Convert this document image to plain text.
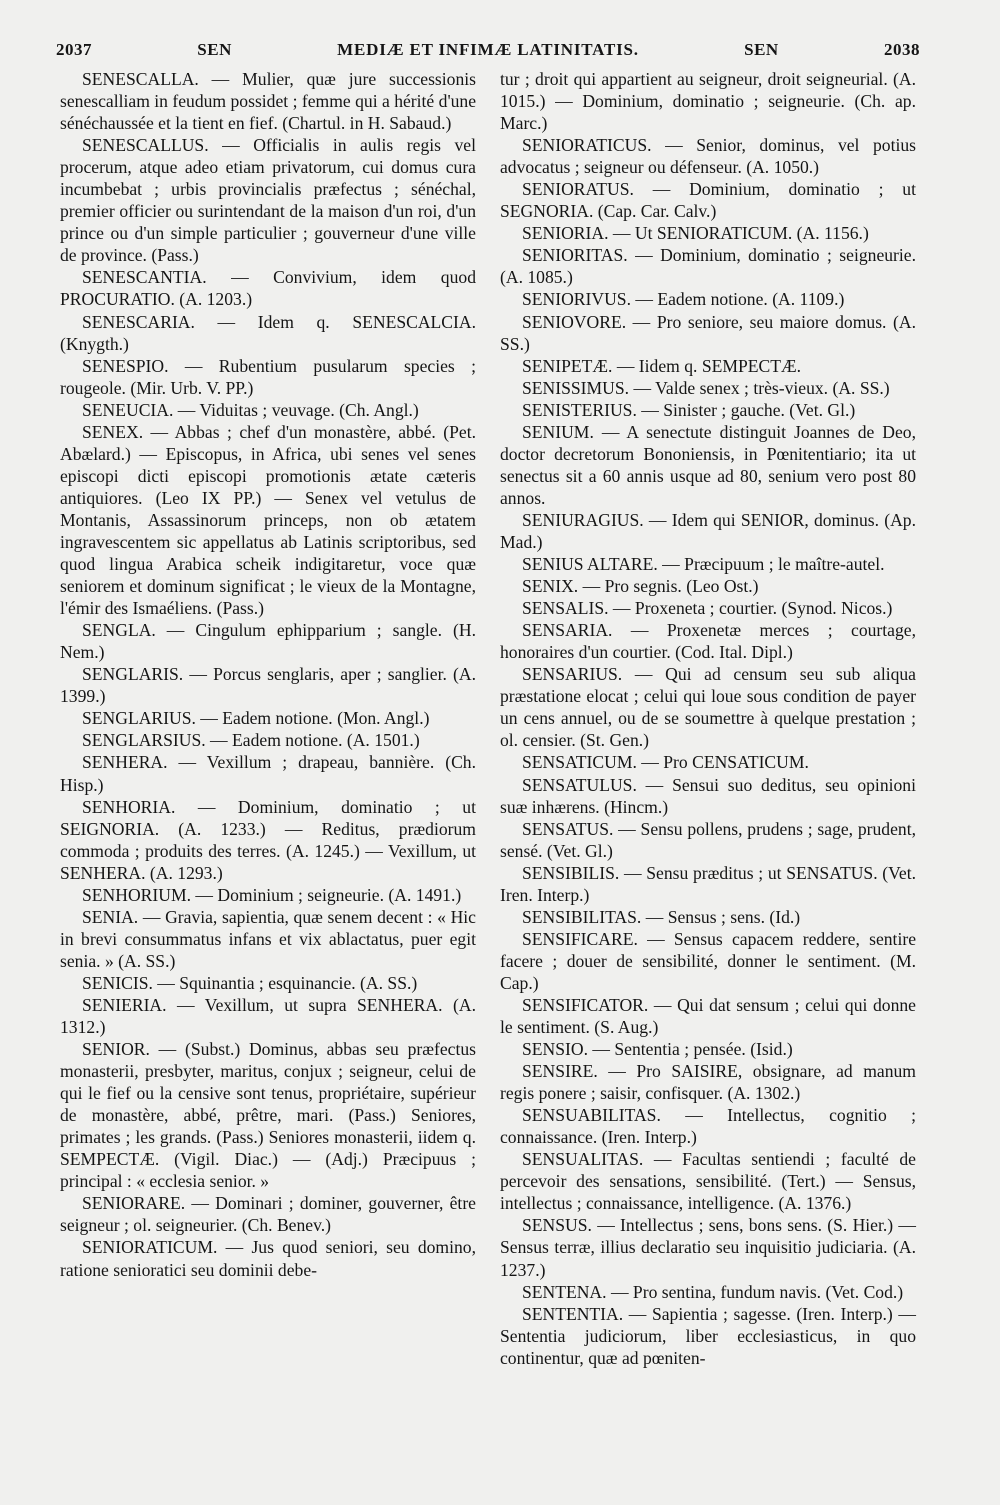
2037	SEN	MEDIÆ ET INFIMÆ LATINITATIS.	SEN	2038

SENESCALLA. — Mulier, quæ jure successionis senescalliam in feudum possidet ; femme qui a hérité d'une sénéchaussée et la tient en fief. (Chartul. in H. Sabaud.)

SENESCALLUS. — Officialis in aulis regis vel procerum, atque adeo etiam privatorum, cui domus cura incumbebat ; urbis provincialis præfectus ; sénéchal, premier officier ou surintendant de la maison d'un roi, d'un prince ou d'un simple particulier ; gouverneur d'une ville de province. (Pass.)

SENESCANTIA. — Convivium, idem quod PROCURATIO. (A. 1203.)

SENESCARIA. — Idem q. SENESCALCIA. (Knygth.)

SENESPIO. — Rubentium pusularum species ; rougeole. (Mir. Urb. V. PP.)

SENEUCIA. — Viduitas ; veuvage. (Ch. Angl.)

SENEX. — Abbas ; chef d'un monastère, abbé. (Pet. Abælard.) — Episcopus, in Africa, ubi senes vel senes episcopi dicti episcopi promotionis ætate cæteris antiquiores. (Leo IX PP.) — Senex vel vetulus de Montanis, Assassinorum princeps, non ob ætatem ingravescentem sic appellatus ab Latinis scriptoribus, sed quod lingua Arabica scheik indigitaretur, voce quæ seniorem et dominum significat ; le vieux de la Montagne, l'émir des Ismaéliens. (Pass.)

SENGLA. — Cingulum ephipparium ; sangle. (H. Nem.)

SENGLARIS. — Porcus senglaris, aper ; sanglier. (A. 1399.)

SENGLARIUS. — Eadem notione. (Mon. Angl.)

SENGLARSIUS. — Eadem notione. (A. 1501.)

SENHERA. — Vexillum ; drapeau, bannière. (Ch. Hisp.)

SENHORIA. — Dominium, dominatio ; ut SEIGNORIA. (A. 1233.) — Reditus, prædiorum commoda ; produits des terres. (A. 1245.) — Vexillum, ut SENHERA. (A. 1293.)

SENHORIUM. — Dominium ; seigneurie. (A. 1491.)

SENIA. — Gravia, sapientia, quæ senem decent : « Hic in brevi consummatus infans et vix ablactatus, puer egit senia. » (A. SS.)

SENICIS. — Squinantia ; esquinancie. (A. SS.)

SENIERIA. — Vexillum, ut supra SENHERA. (A. 1312.)

SENIOR. — (Subst.) Dominus, abbas seu præfectus monasterii, presbyter, maritus, conjux ; seigneur, celui de qui le fief ou la censive sont tenus, propriétaire, supérieur de monastère, abbé, prêtre, mari. (Pass.) Seniores, primates ; les grands. (Pass.) Seniores monasterii, iidem q. SEMPECTÆ. (Vigil. Diac.) — (Adj.) Præcipuus ; principal : « ecclesia senior. »

SENIORARE. — Dominari ; dominer, gouverner, être seigneur ; ol. seigneurier. (Ch. Benev.)

SENIORATICUM. — Jus quod seniori, seu domino, ratione senioratici seu dominii debe-

tur ; droit qui appartient au seigneur, droit seigneurial. (A. 1015.) — Dominium, dominatio ; seigneurie. (Ch. ap. Marc.)

SENIORATICUS. — Senior, dominus, vel potius advocatus ; seigneur ou défenseur. (A. 1050.)

SENIORATUS. — Dominium, dominatio ; ut SEGNORIA. (Cap. Car. Calv.)

SENIORIA. — Ut SENIORATICUM. (A. 1156.)

SENIORITAS. — Dominium, dominatio ; seigneurie. (A. 1085.)

SENIORIVUS. — Eadem notione. (A. 1109.)

SENIOVORE. — Pro seniore, seu maiore domus. (A. SS.)

SENIPETÆ. — Iidem q. SEMPECTÆ.

SENISSIMUS. — Valde senex ; très-vieux. (A. SS.)

SENISTERIUS. — Sinister ; gauche. (Vet. Gl.)

SENIUM. — A senectute distinguit Joannes de Deo, doctor decretorum Bononiensis, in Pœnitentiario; ita ut senectus sit a 60 annis usque ad 80, senium vero post 80 annos.

SENIURAGIUS. — Idem qui SENIOR, dominus. (Ap. Mad.)

SENIUS ALTARE. — Præcipuum ; le maître-autel.

SENIX. — Pro segnis. (Leo Ost.)

SENSALIS. — Proxeneta ; courtier. (Synod. Nicos.)

SENSARIA. — Proxenetæ merces ; courtage, honoraires d'un courtier. (Cod. Ital. Dipl.)

SENSARIUS. — Qui ad censum seu sub aliqua præstatione elocat ; celui qui loue sous condition de payer un cens annuel, ou de se soumettre à quelque prestation ; ol. censier. (St. Gen.)

SENSATICUM. — Pro CENSATICUM.

SENSATULUS. — Sensui suo deditus, seu opinioni suæ inhærens. (Hincm.)

SENSATUS. — Sensu pollens, prudens ; sage, prudent, sensé. (Vet. Gl.)

SENSIBILIS. — Sensu præditus ; ut SENSATUS. (Vet. Iren. Interp.)

SENSIBILITAS. — Sensus ; sens. (Id.)

SENSIFICARE. — Sensus capacem reddere, sentire facere ; douer de sensibilité, donner le sentiment. (M. Cap.)

SENSIFICATOR. — Qui dat sensum ; celui qui donne le sentiment. (S. Aug.)

SENSIO. — Sententia ; pensée. (Isid.)

SENSIRE. — Pro SAISIRE, obsignare, ad manum regis ponere ; saisir, confisquer. (A. 1302.)

SENSUABILITAS. — Intellectus, cognitio ; connaissance. (Iren. Interp.)

SENSUALITAS. — Facultas sentiendi ; faculté de percevoir des sensations, sensibilité. (Tert.) — Sensus, intellectus ; connaissance, intelligence. (A. 1376.)

SENSUS. — Intellectus ; sens, bons sens. (S. Hier.) — Sensus terræ, illius declaratio seu inquisitio judiciaria. (A. 1237.)

SENTENA. — Pro sentina, fundum navis. (Vet. Cod.)

SENTENTIA. — Sapientia ; sagesse. (Iren. Interp.) — Sententia judiciorum, liber ecclesiasticus, in quo continentur, quæ ad pœniten-
